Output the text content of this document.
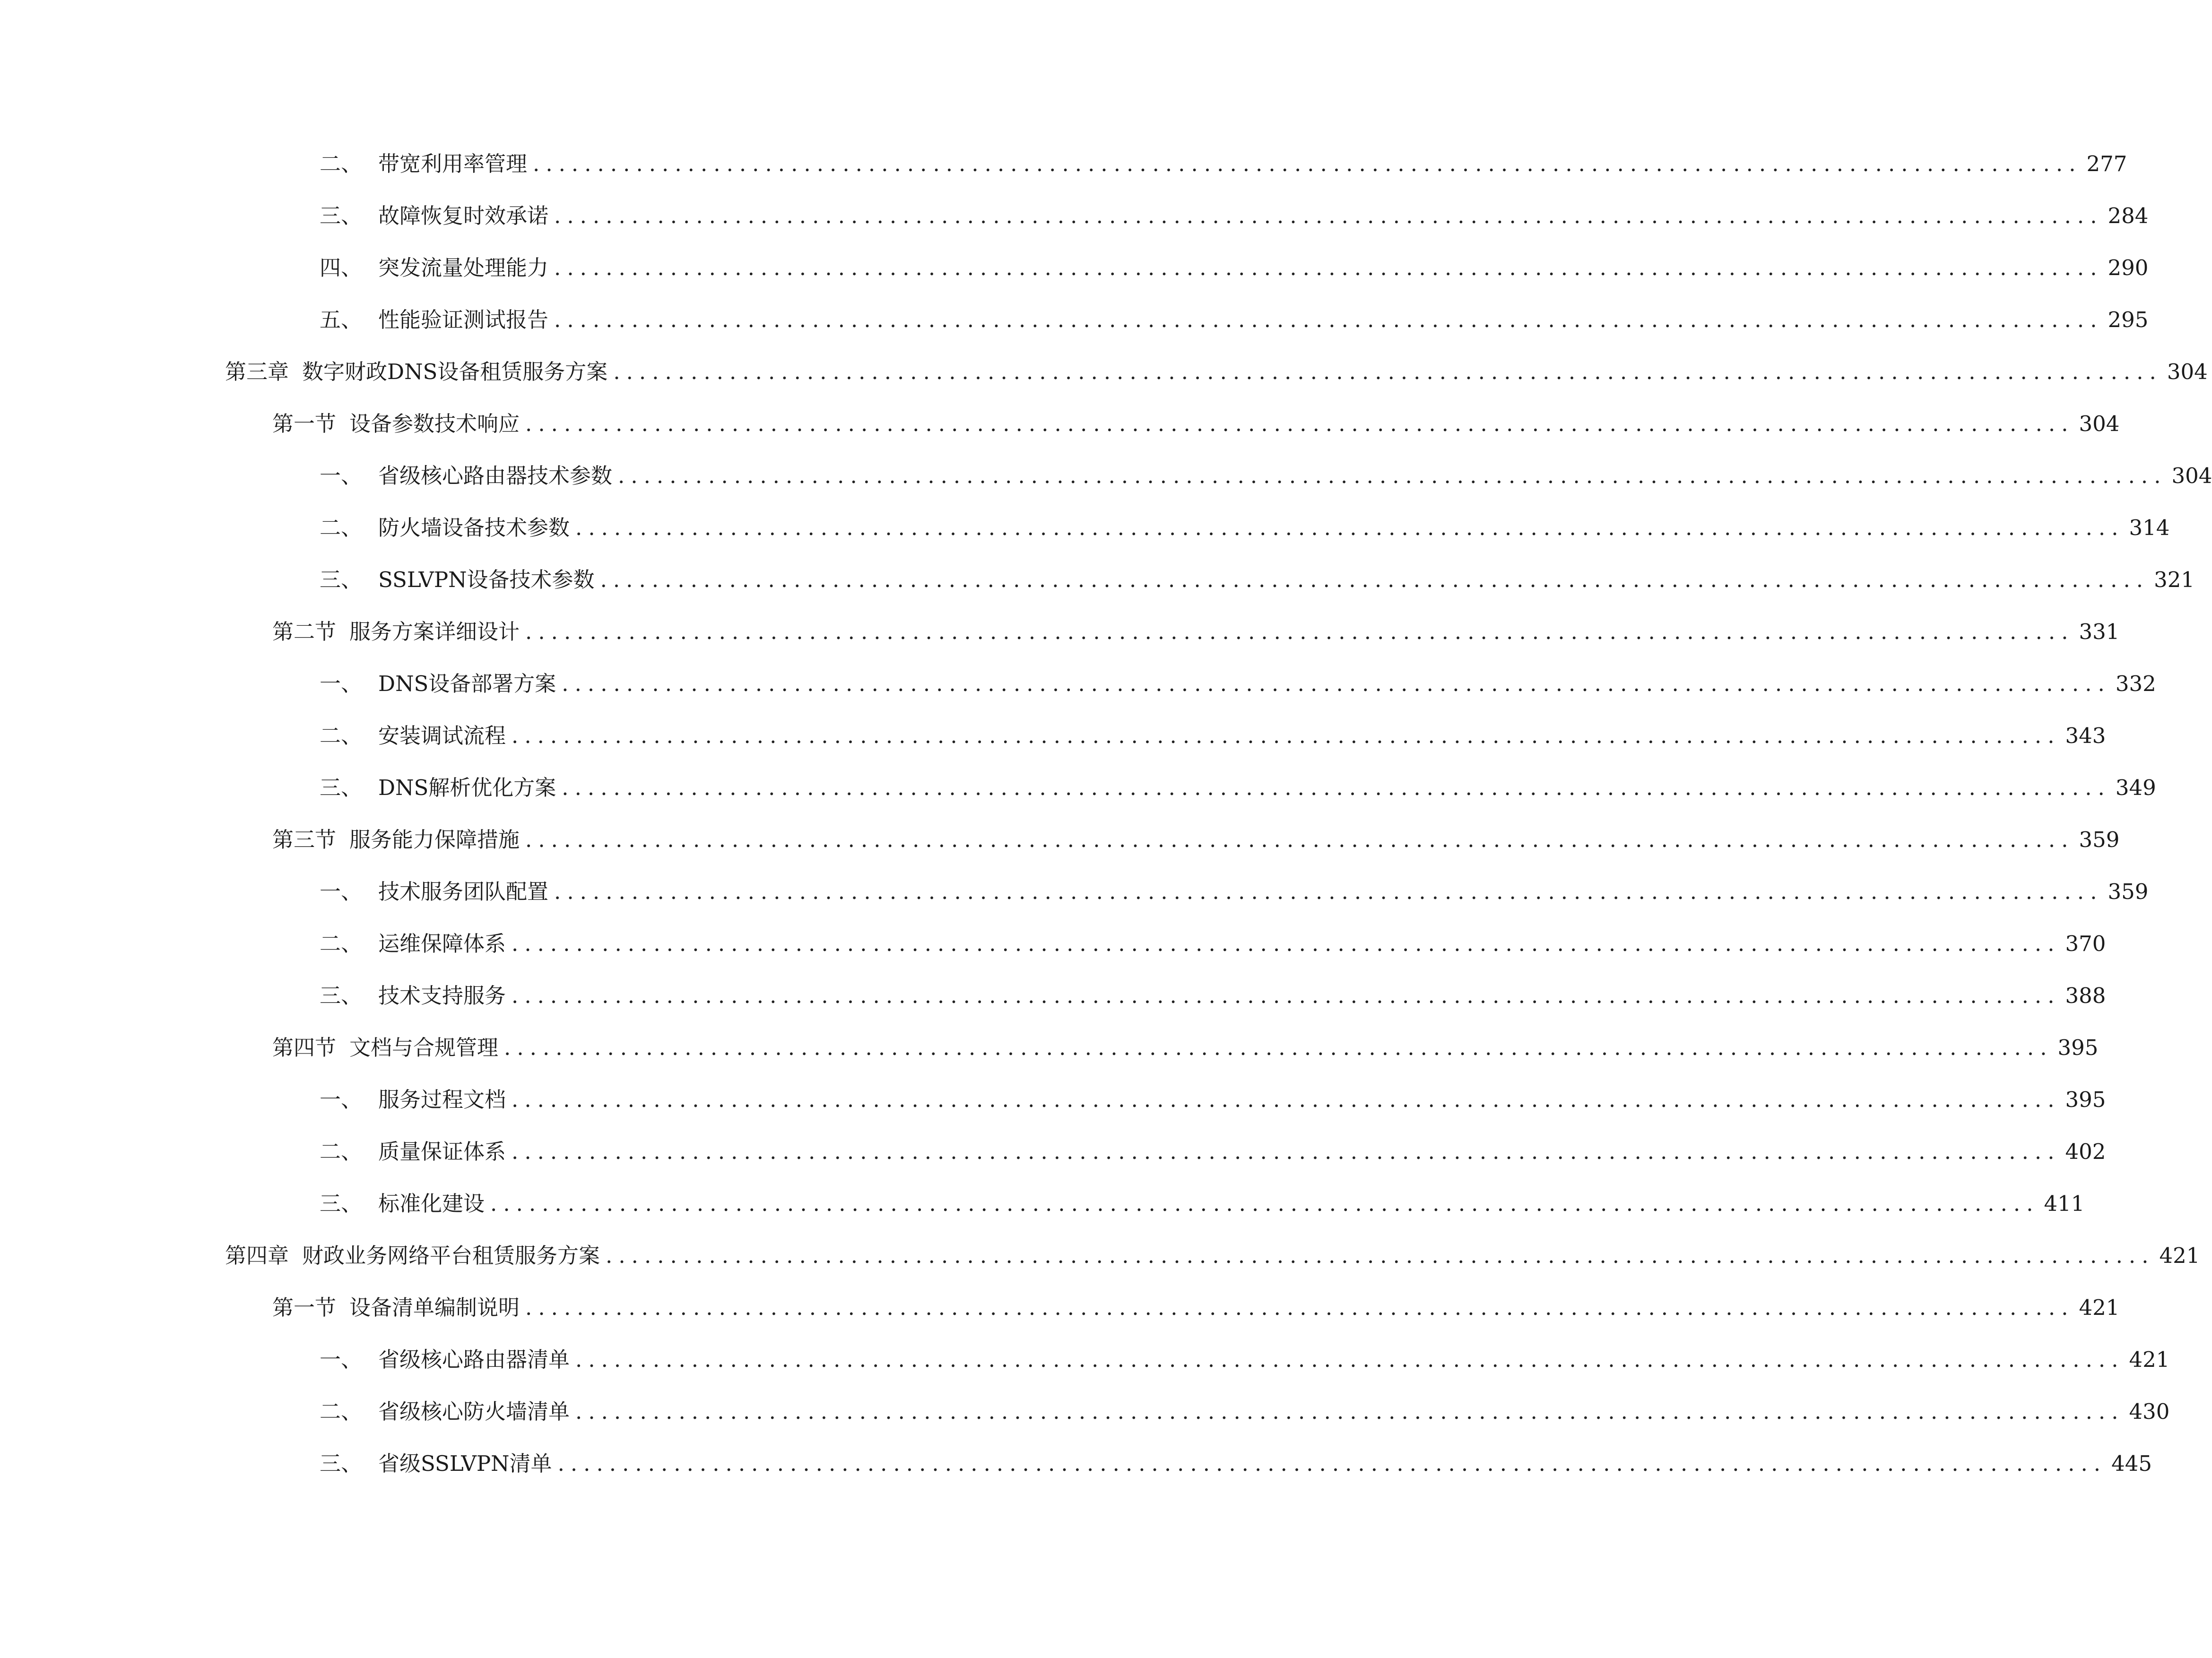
二、 带宽利用率管理 ........................................................................................................................ 277
三、 故障恢复时效承诺 ........................................................................................................................ 284
四、 突发流量处理能力 ........................................................................................................................ 290
五、 性能验证测试报告 ........................................................................................................................ 295
第三章 数字财政DNS设备租赁服务方案 ........................................................................................................................ 304
第一节 设备参数技术响应 ........................................................................................................................ 304
一、 省级核心路由器技术参数 ........................................................................................................................ 304
二、 防火墙设备技术参数 ........................................................................................................................ 314
三、 SSLVPN设备技术参数 ........................................................................................................................ 321
第二节 服务方案详细设计 ........................................................................................................................ 331
一、 DNS设备部署方案 ........................................................................................................................ 332
二、 安装调试流程 ........................................................................................................................ 343
三、 DNS解析优化方案 ........................................................................................................................ 349
第三节 服务能力保障措施 ........................................................................................................................ 359
一、 技术服务团队配置 ........................................................................................................................ 359
二、 运维保障体系 ........................................................................................................................ 370
三、 技术支持服务 ........................................................................................................................ 388
第四节 文档与合规管理 ........................................................................................................................ 395
一、 服务过程文档 ........................................................................................................................ 395
二、 质量保证体系 ........................................................................................................................ 402
三、 标准化建设 ........................................................................................................................ 411
第四章 财政业务网络平台租赁服务方案 ........................................................................................................................ 421
第一节 设备清单编制说明 ........................................................................................................................ 421
一、 省级核心路由器清单 ........................................................................................................................ 421
二、 省级核心防火墙清单 ........................................................................................................................ 430
三、 省级SSLVPN清单 ........................................................................................................................ 445
